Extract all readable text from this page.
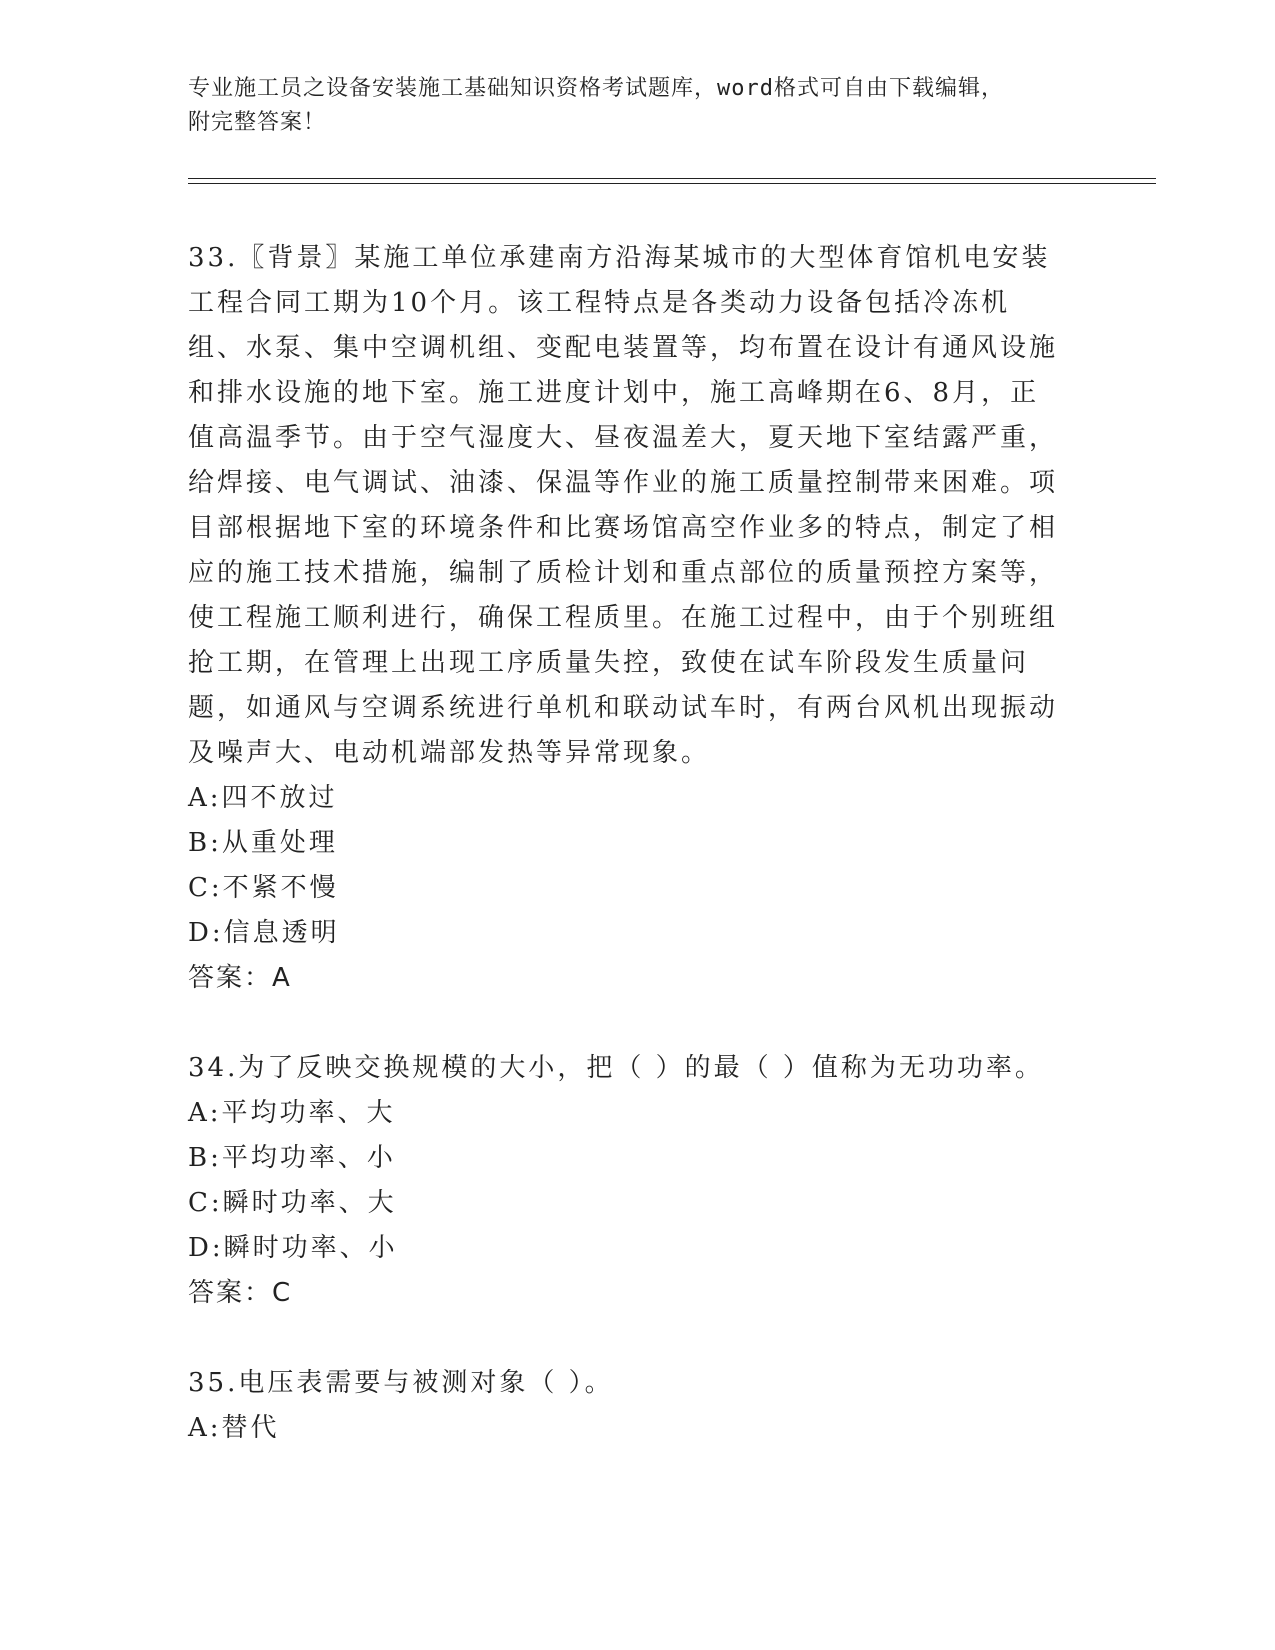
专业施工员之设备安装施工基础知识资格考试题库，word格式可自由下载编辑，
附完整答案！

33.〖背景〗某施工单位承建南方沿海某城市的大型体育馆机电安装工程合同工期为10个月。该工程特点是各类动力设备包括冷冻机组、水泵、集中空调机组、变配电装置等，均布置在设计有通风设施和排水设施的地下室。施工进度计划中，施工高峰期在6、8月，正值高温季节。由于空气湿度大、昼夜温差大，夏天地下室结露严重，给焊接、电气调试、油漆、保温等作业的施工质量控制带来困难。项目部根据地下室的环境条件和比赛场馆高空作业多的特点，制定了相应的施工技术措施，编制了质检计划和重点部位的质量预控方案等，使工程施工顺利进行，确保工程质里。在施工过程中，由于个别班组抢工期，在管理上出现工序质量失控，致使在试车阶段发生质量问题，如通风与空调系统进行单机和联动试车时，有两台风机出现振动及噪声大、电动机端部发热等异常现象。

A:四不放过

B:从重处理

C:不紧不慢

D:信息透明

答案：A

34.为了反映交换规模的大小，把（ ）的最（ ）值称为无功功率。

A:平均功率、大

B:平均功率、小

C:瞬时功率、大

D:瞬时功率、小

答案：C

35.电压表需要与被测对象（ ）。

A:替代
